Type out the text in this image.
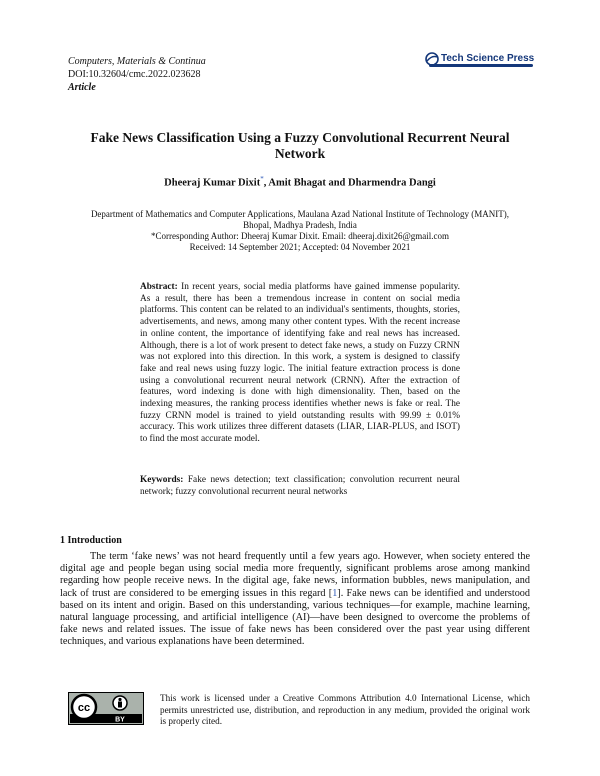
Computers, Materials & Continua
DOI:10.32604/cmc.2022.023628
Article
Tech Science Press
Fake News Classification Using a Fuzzy Convolutional Recurrent Neural Network
Dheeraj Kumar Dixit*, Amit Bhagat and Dharmendra Dangi
Department of Mathematics and Computer Applications, Maulana Azad National Institute of Technology (MANIT),
Bhopal, Madhya Pradesh, India
*Corresponding Author: Dheeraj Kumar Dixit. Email: dheeraj.dixit26@gmail.com
Received: 14 September 2021; Accepted: 04 November 2021
Abstract: In recent years, social media platforms have gained immense popularity. As a result, there has been a tremendous increase in content on social media platforms. This content can be related to an individual's sentiments, thoughts, stories, advertisements, and news, among many other content types. With the recent increase in online content, the importance of identifying fake and real news has increased. Although, there is a lot of work present to detect fake news, a study on Fuzzy CRNN was not explored into this direction. In this work, a system is designed to classify fake and real news using fuzzy logic. The initial feature extraction process is done using a convolutional recurrent neural network (CRNN). After the extraction of features, word indexing is done with high dimensionality. Then, based on the indexing measures, the ranking process identifies whether news is fake or real. The fuzzy CRNN model is trained to yield outstanding results with 99.99 ± 0.01% accuracy. This work utilizes three different datasets (LIAR, LIAR-PLUS, and ISOT) to find the most accurate model.
Keywords: Fake news detection; text classification; convolution recurrent neural network; fuzzy convolutional recurrent neural networks
1 Introduction
The term ‘fake news’ was not heard frequently until a few years ago. However, when society entered the digital age and people began using social media more frequently, significant problems arose among mankind regarding how people receive news. In the digital age, fake news, information bubbles, news manipulation, and lack of trust are considered to be emerging issues in this regard [1]. Fake news can be identified and understood based on its intent and origin. Based on this understanding, various techniques—for example, machine learning, natural language processing, and artificial intelligence (AI)—have been designed to overcome the problems of fake news and related issues. The issue of fake news has been considered over the past year using different techniques, and various explanations have been determined.
cc
BY
This work is licensed under a Creative Commons Attribution 4.0 International License, which permits unrestricted use, distribution, and reproduction in any medium, provided the original work is properly cited.
